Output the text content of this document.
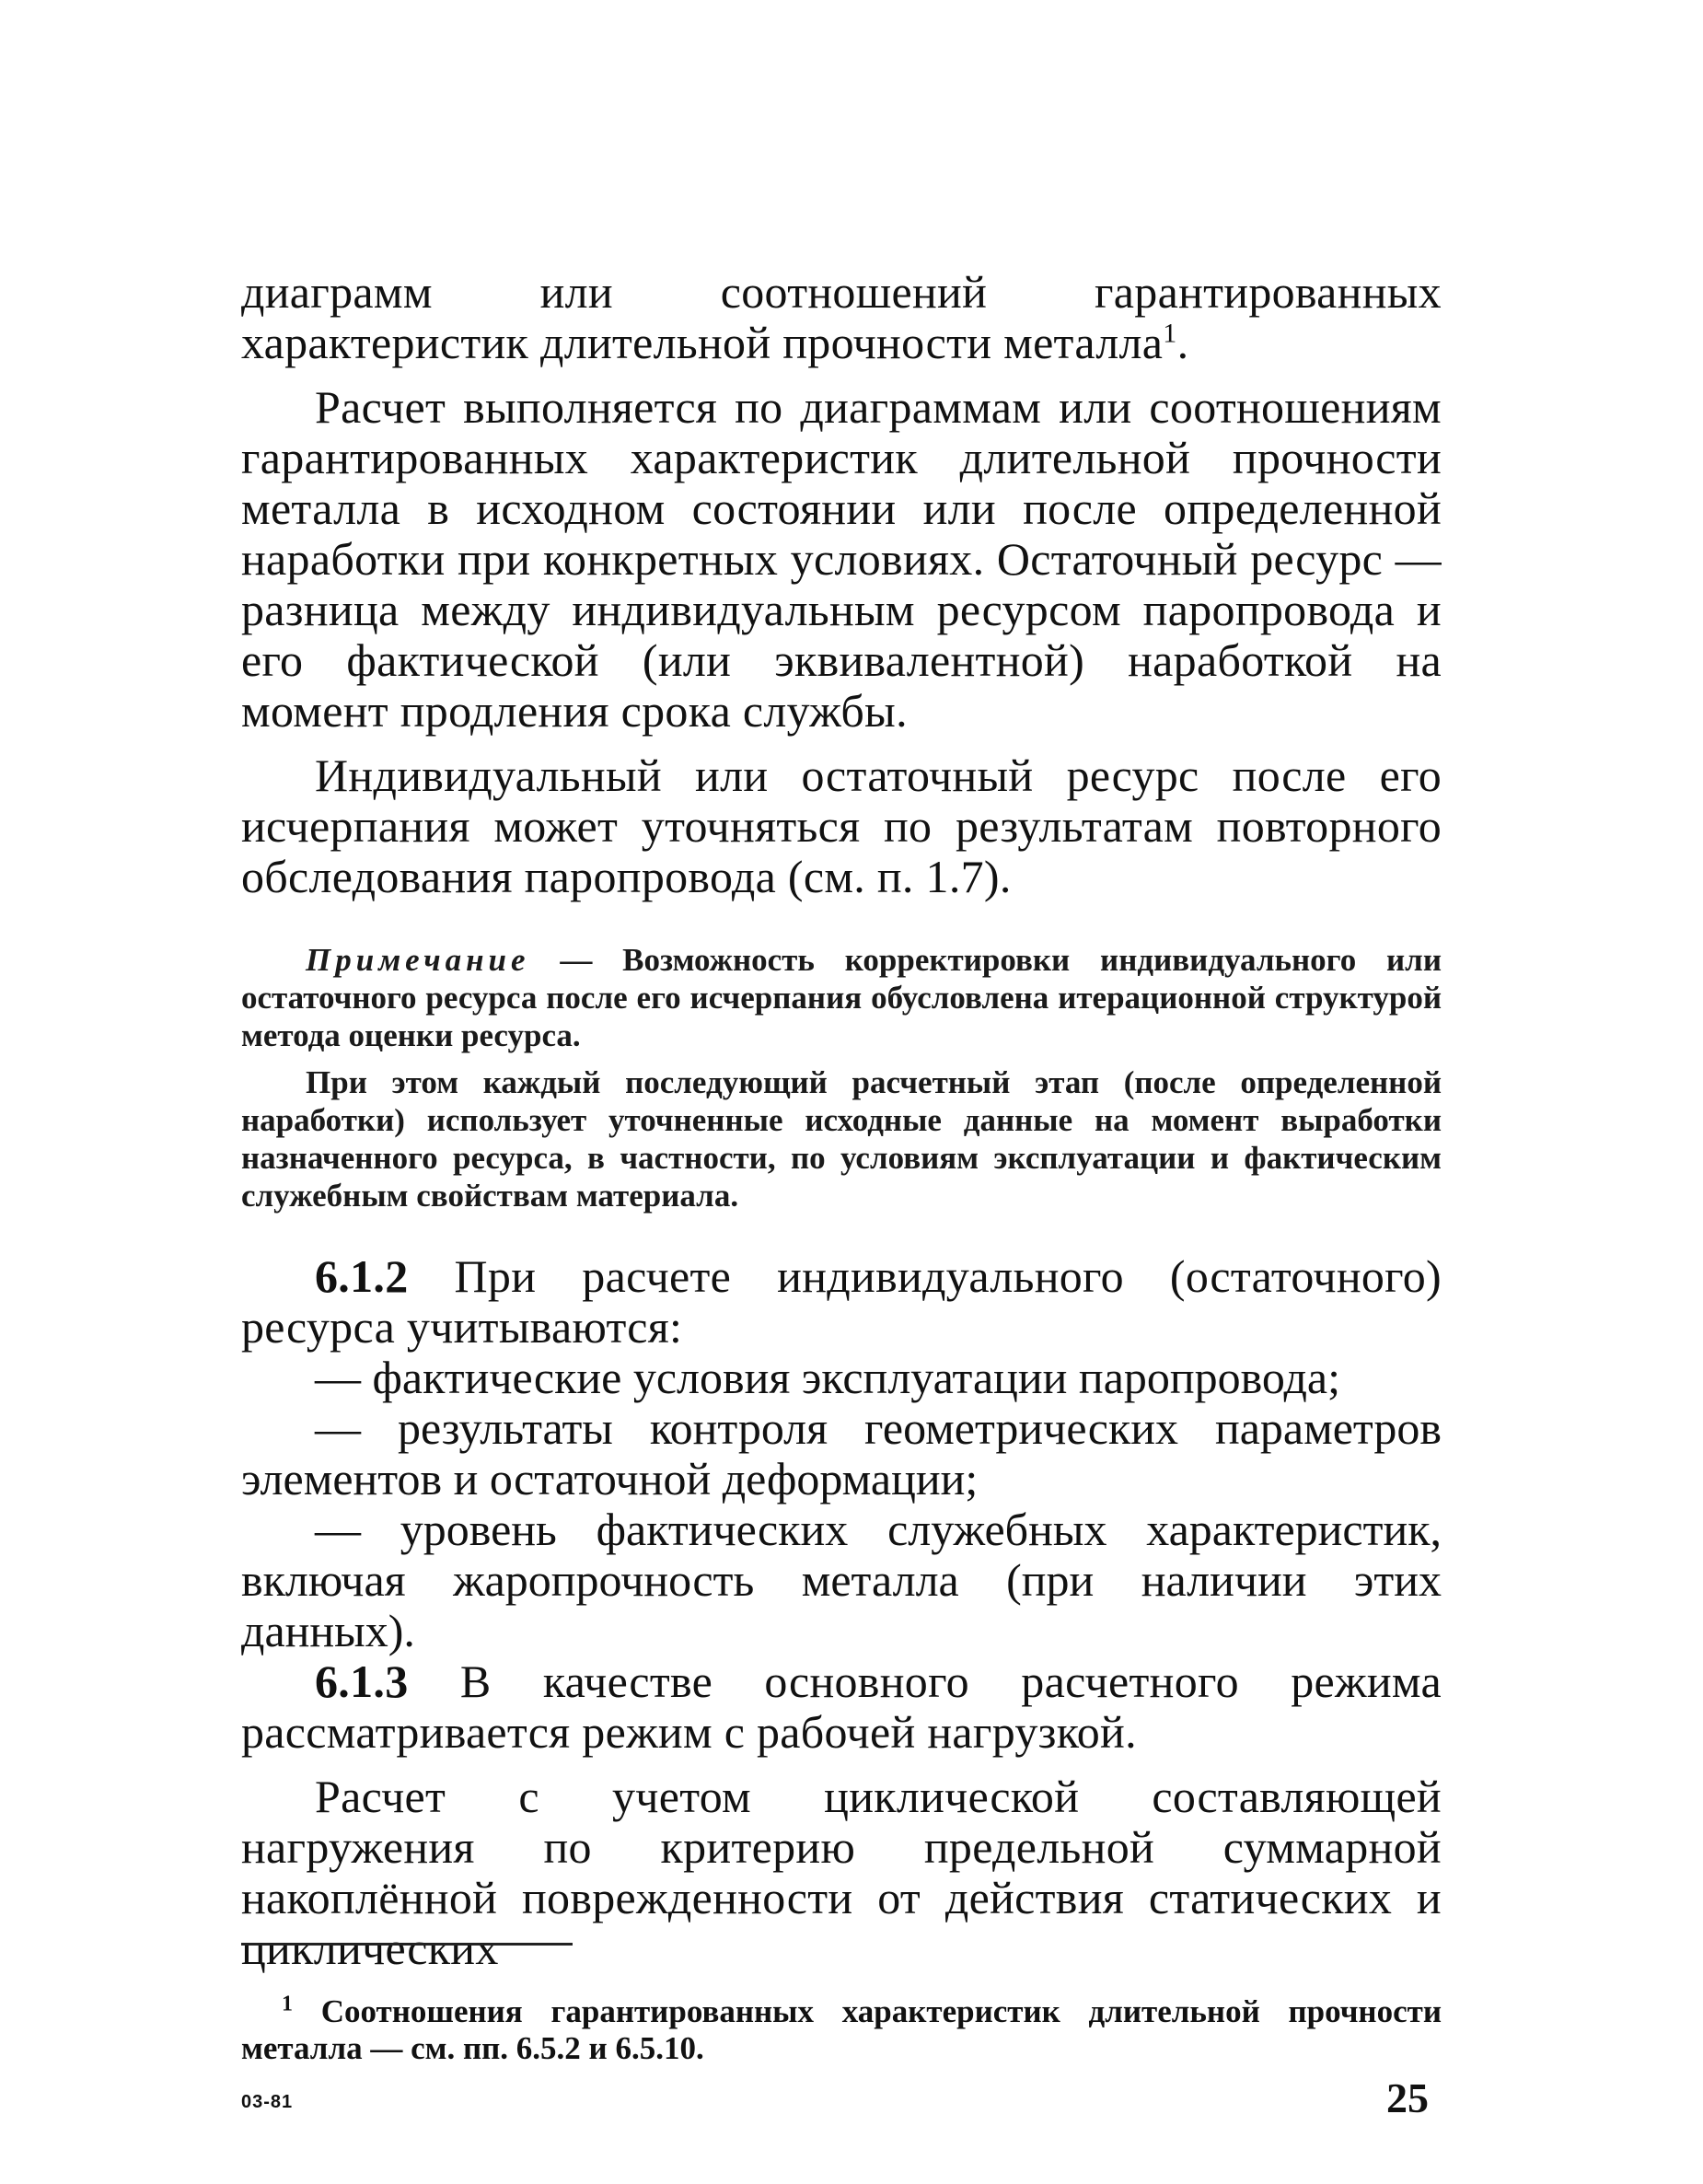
диаграмм или соотношений гарантированных характеристик длительной прочности металла$^1$.

Расчет выполняется по диаграммам или соотношениям гарантированных характеристик длительной прочности металла в исходном состоянии или после определенной наработки при конкретных условиях. Остаточный ресурс — разница между индивидуальным ресурсом паропровода и его фактической (или эквивалентной) наработкой на момент продления срока службы.

Индивидуальный или остаточный ресурс после его исчерпания может уточняться по результатам повторного обследования паропровода (см. п. 1.7).

Примечание — Возможность корректировки индивидуального или остаточного ресурса после его исчерпания обусловлена итерационной структурой метода оценки ресурса.

При этом каждый последующий расчетный этап (после определенной наработки) использует уточненные исходные данные на момент выработки назначенного ресурса, в частности, по условиям эксплуатации и фактическим служебным свойствам материала.

6.1.2 При расчете индивидуального (остаточного) ресурса учитываются:

— фактические условия эксплуатации паропровода;

— результаты контроля геометрических параметров элементов и остаточной деформации;

— уровень фактических служебных характеристик, включая жаропрочность металла (при наличии этих данных).

6.1.3 В качестве основного расчетного режима рассматривается режим с рабочей нагрузкой.

Расчет с учетом циклической составляющей нагружения по критерию предельной суммарной накоплённой поврежденности от действия статических и циклических

$^1$ Соотношения гарантированных характеристик длительной прочности металла — см. пп. 6.5.2 и 6.5.10.

03-81	25
